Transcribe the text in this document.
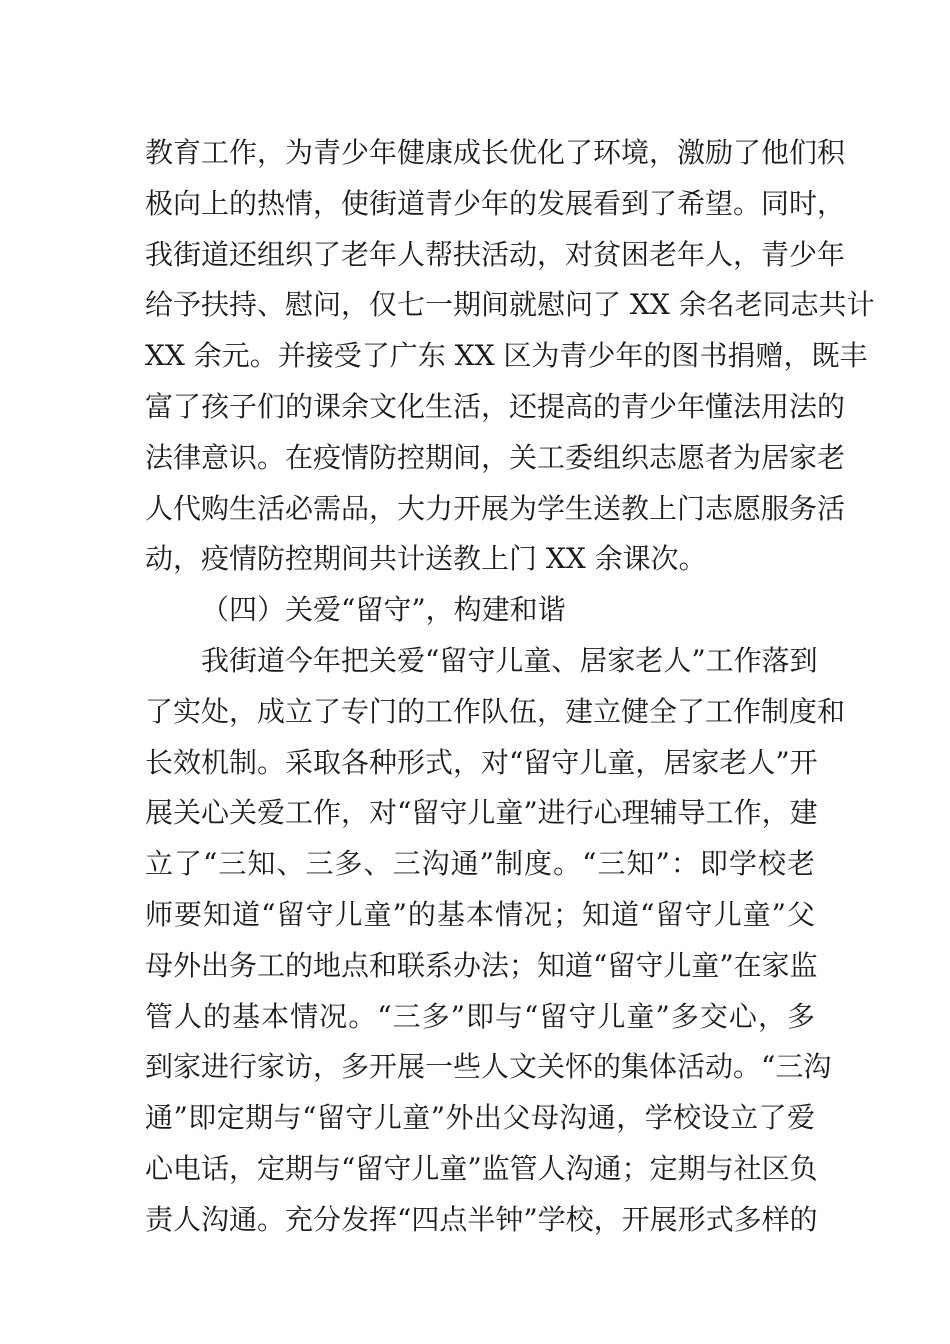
教育工作，为青少年健康成长优化了环境，激励了他们积
极向上的热情，使街道青少年的发展看到了希望。同时，
我街道还组织了老年人帮扶活动，对贫困老年人，青少年
给予扶持、慰问，仅七一期间就慰问了 XX 余名老同志共计
XX 余元。并接受了广东 XX 区为青少年的图书捐赠，既丰
富了孩子们的课余文化生活，还提高的青少年懂法用法的
法律意识。在疫情防控期间，关工委组织志愿者为居家老
人代购生活必需品，大力开展为学生送教上门志愿服务活
动，疫情防控期间共计送教上门 XX 余课次。
（四）关爱“留守”，构建和谐
我街道今年把关爱“留守儿童、居家老人”工作落到
了实处，成立了专门的工作队伍，建立健全了工作制度和
长效机制。采取各种形式，对“留守儿童，居家老人”开
展关心关爱工作，对“留守儿童”进行心理辅导工作，建
立了“三知、三多、三沟通”制度。“三知”：即学校老
师要知道“留守儿童”的基本情况；知道“留守儿童”父
母外出务工的地点和联系办法；知道“留守儿童”在家监
管人的基本情况。“三多”即与“留守儿童”多交心，多
到家进行家访，多开展一些人文关怀的集体活动。“三沟
通”即定期与“留守儿童”外出父母沟通，学校设立了爱
心电话，定期与“留守儿童”监管人沟通；定期与社区负
责人沟通。充分发挥“四点半钟”学校，开展形式多样的
